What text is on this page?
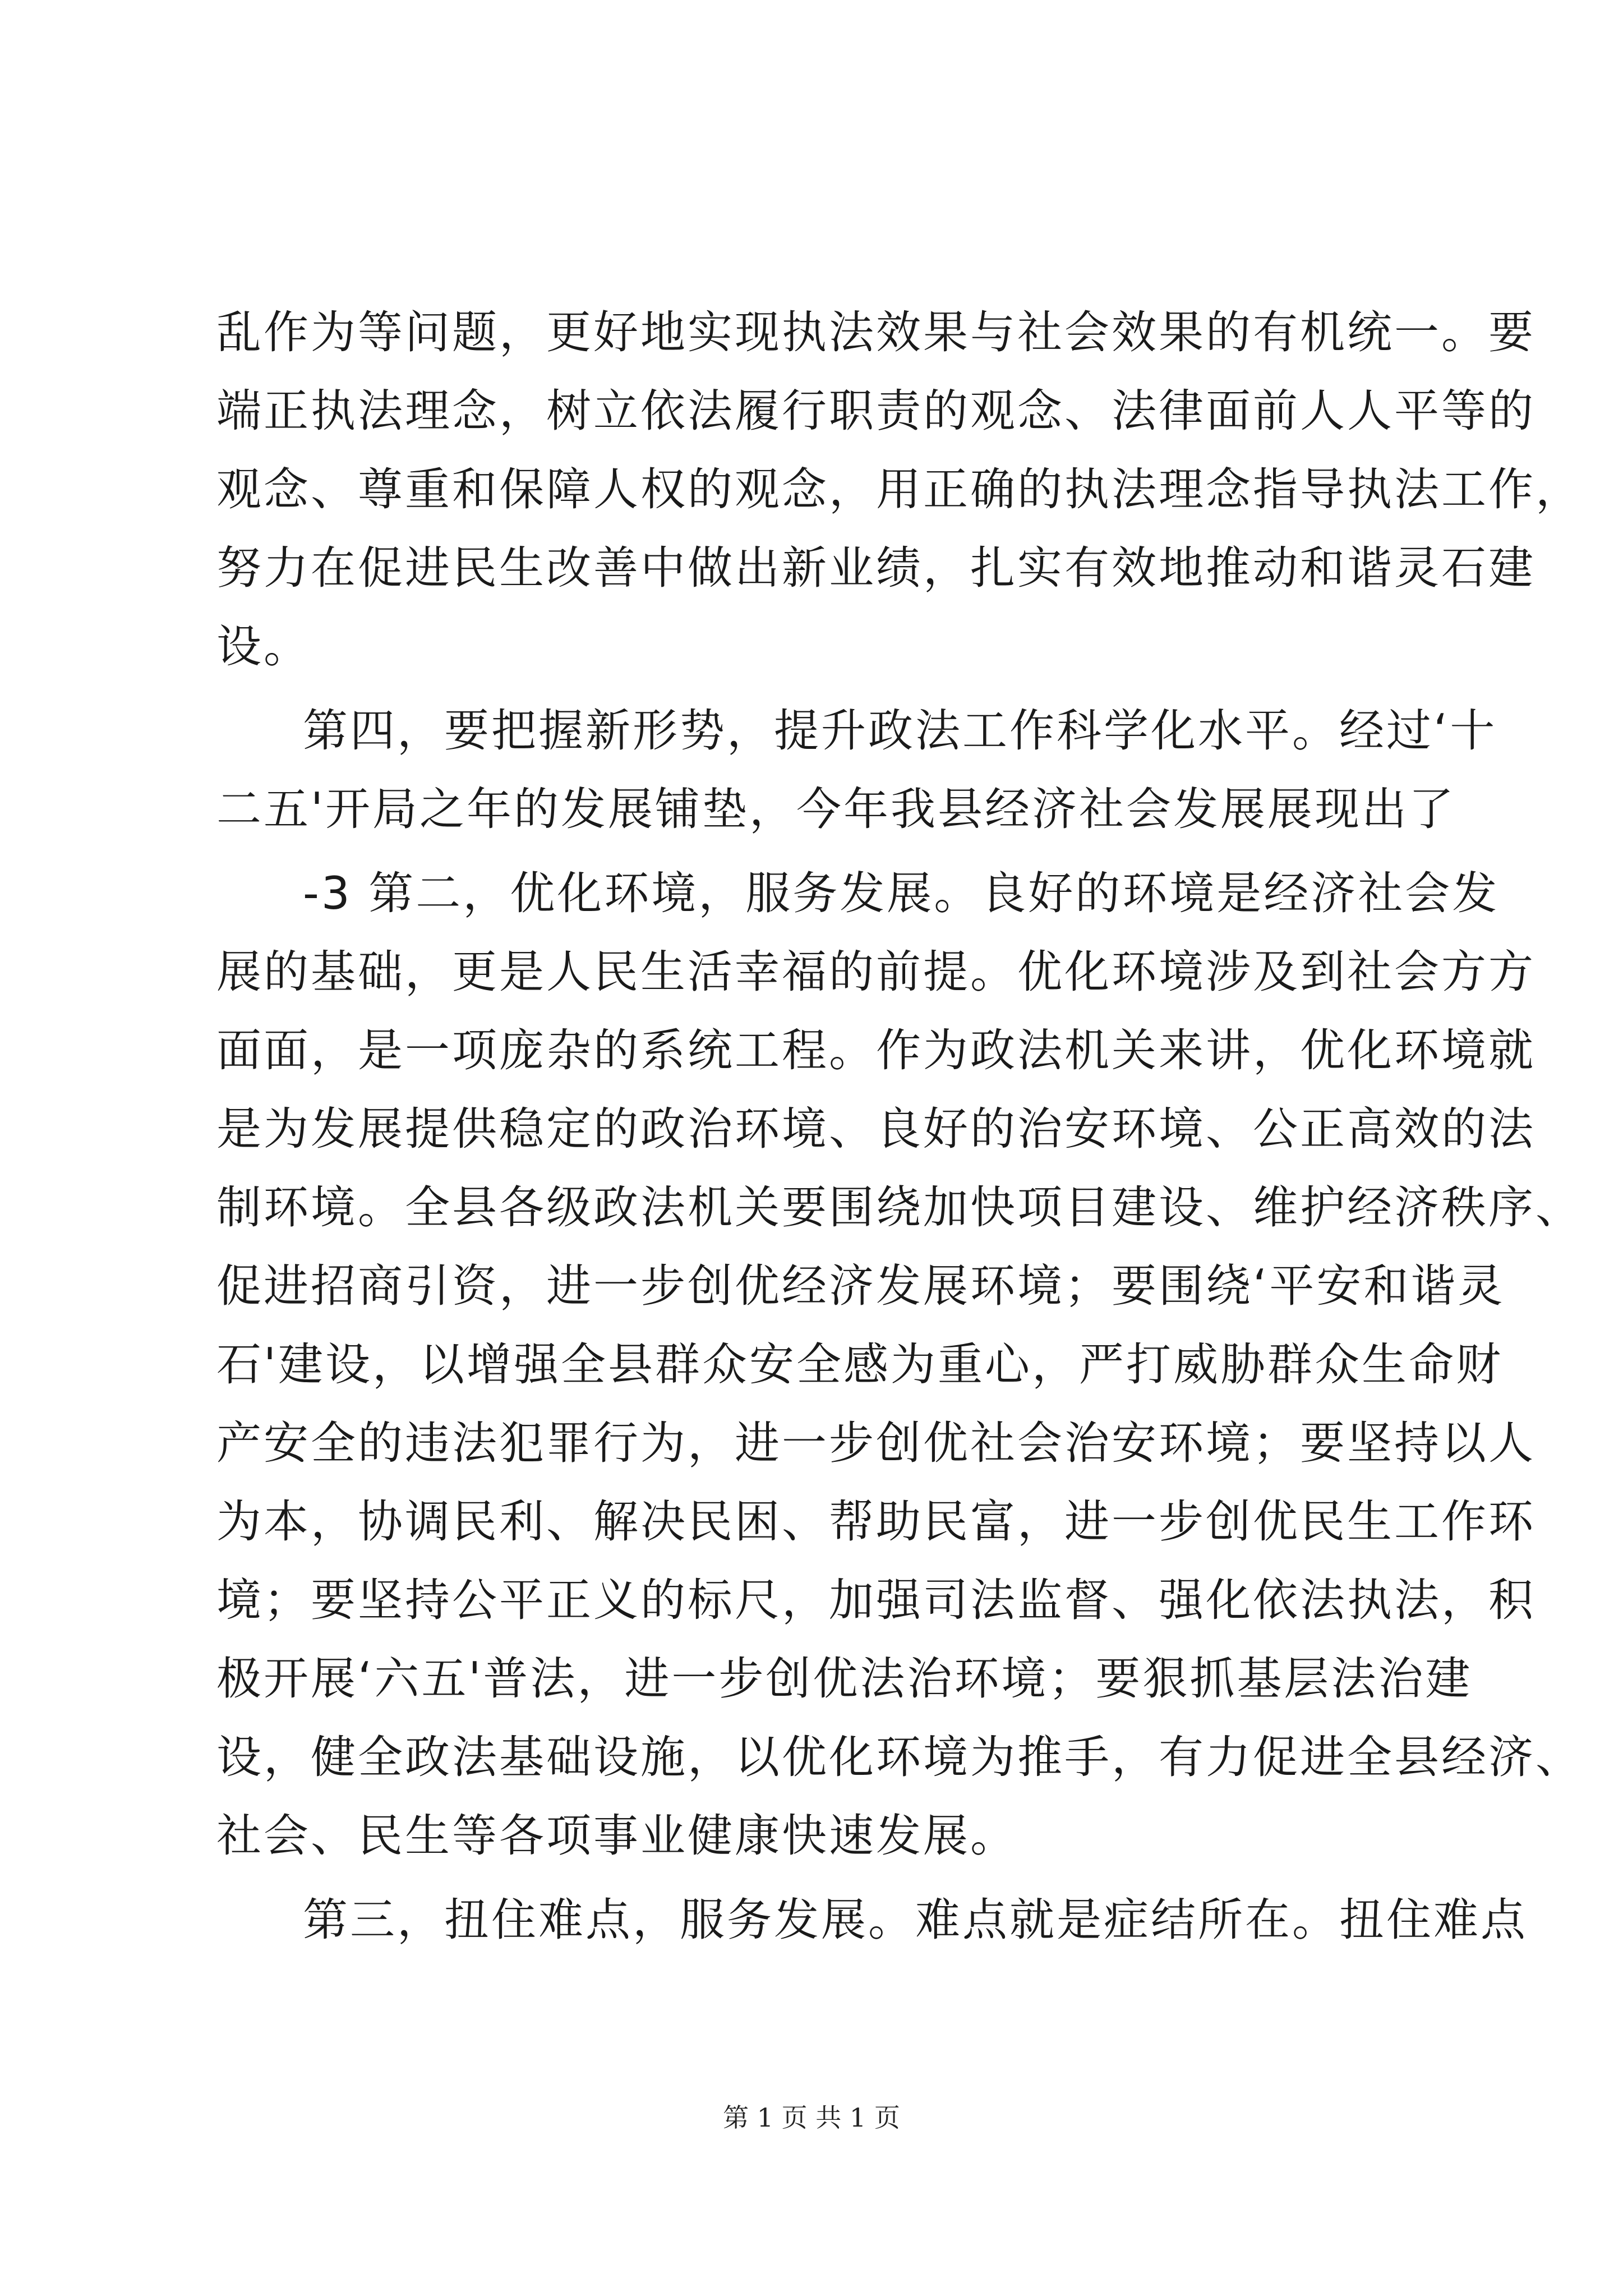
乱作为等问题，更好地实现执法效果与社会效果的有机统一。要
端正执法理念，树立依法履行职责的观念、法律面前人人平等的
观念、尊重和保障人权的观念，用正确的执法理念指导执法工作，
努力在促进民生改善中做出新业绩，扎实有效地推动和谐灵石建
设。
第四，要把握新形势，提升政法工作科学化水平。经过‘十
二五'开局之年的发展铺垫，今年我县经济社会发展展现出了
-3 第二，优化环境，服务发展。良好的环境是经济社会发
展的基础，更是人民生活幸福的前提。优化环境涉及到社会方方
面面，是一项庞杂的系统工程。作为政法机关来讲，优化环境就
是为发展提供稳定的政治环境、良好的治安环境、公正高效的法
制环境。全县各级政法机关要围绕加快项目建设、维护经济秩序、
促进招商引资，进一步创优经济发展环境；要围绕‘平安和谐灵
石'建设，以增强全县群众安全感为重心，严打威胁群众生命财
产安全的违法犯罪行为，进一步创优社会治安环境；要坚持以人
为本，协调民利、解决民困、帮助民富，进一步创优民生工作环
境；要坚持公平正义的标尺，加强司法监督、强化依法执法，积
极开展‘六五'普法，进一步创优法治环境；要狠抓基层法治建
设，健全政法基础设施，以优化环境为推手，有力促进全县经济、
社会、民生等各项事业健康快速发展。
第三，扭住难点，服务发展。难点就是症结所在。扭住难点
第 1 页 共 1 页
